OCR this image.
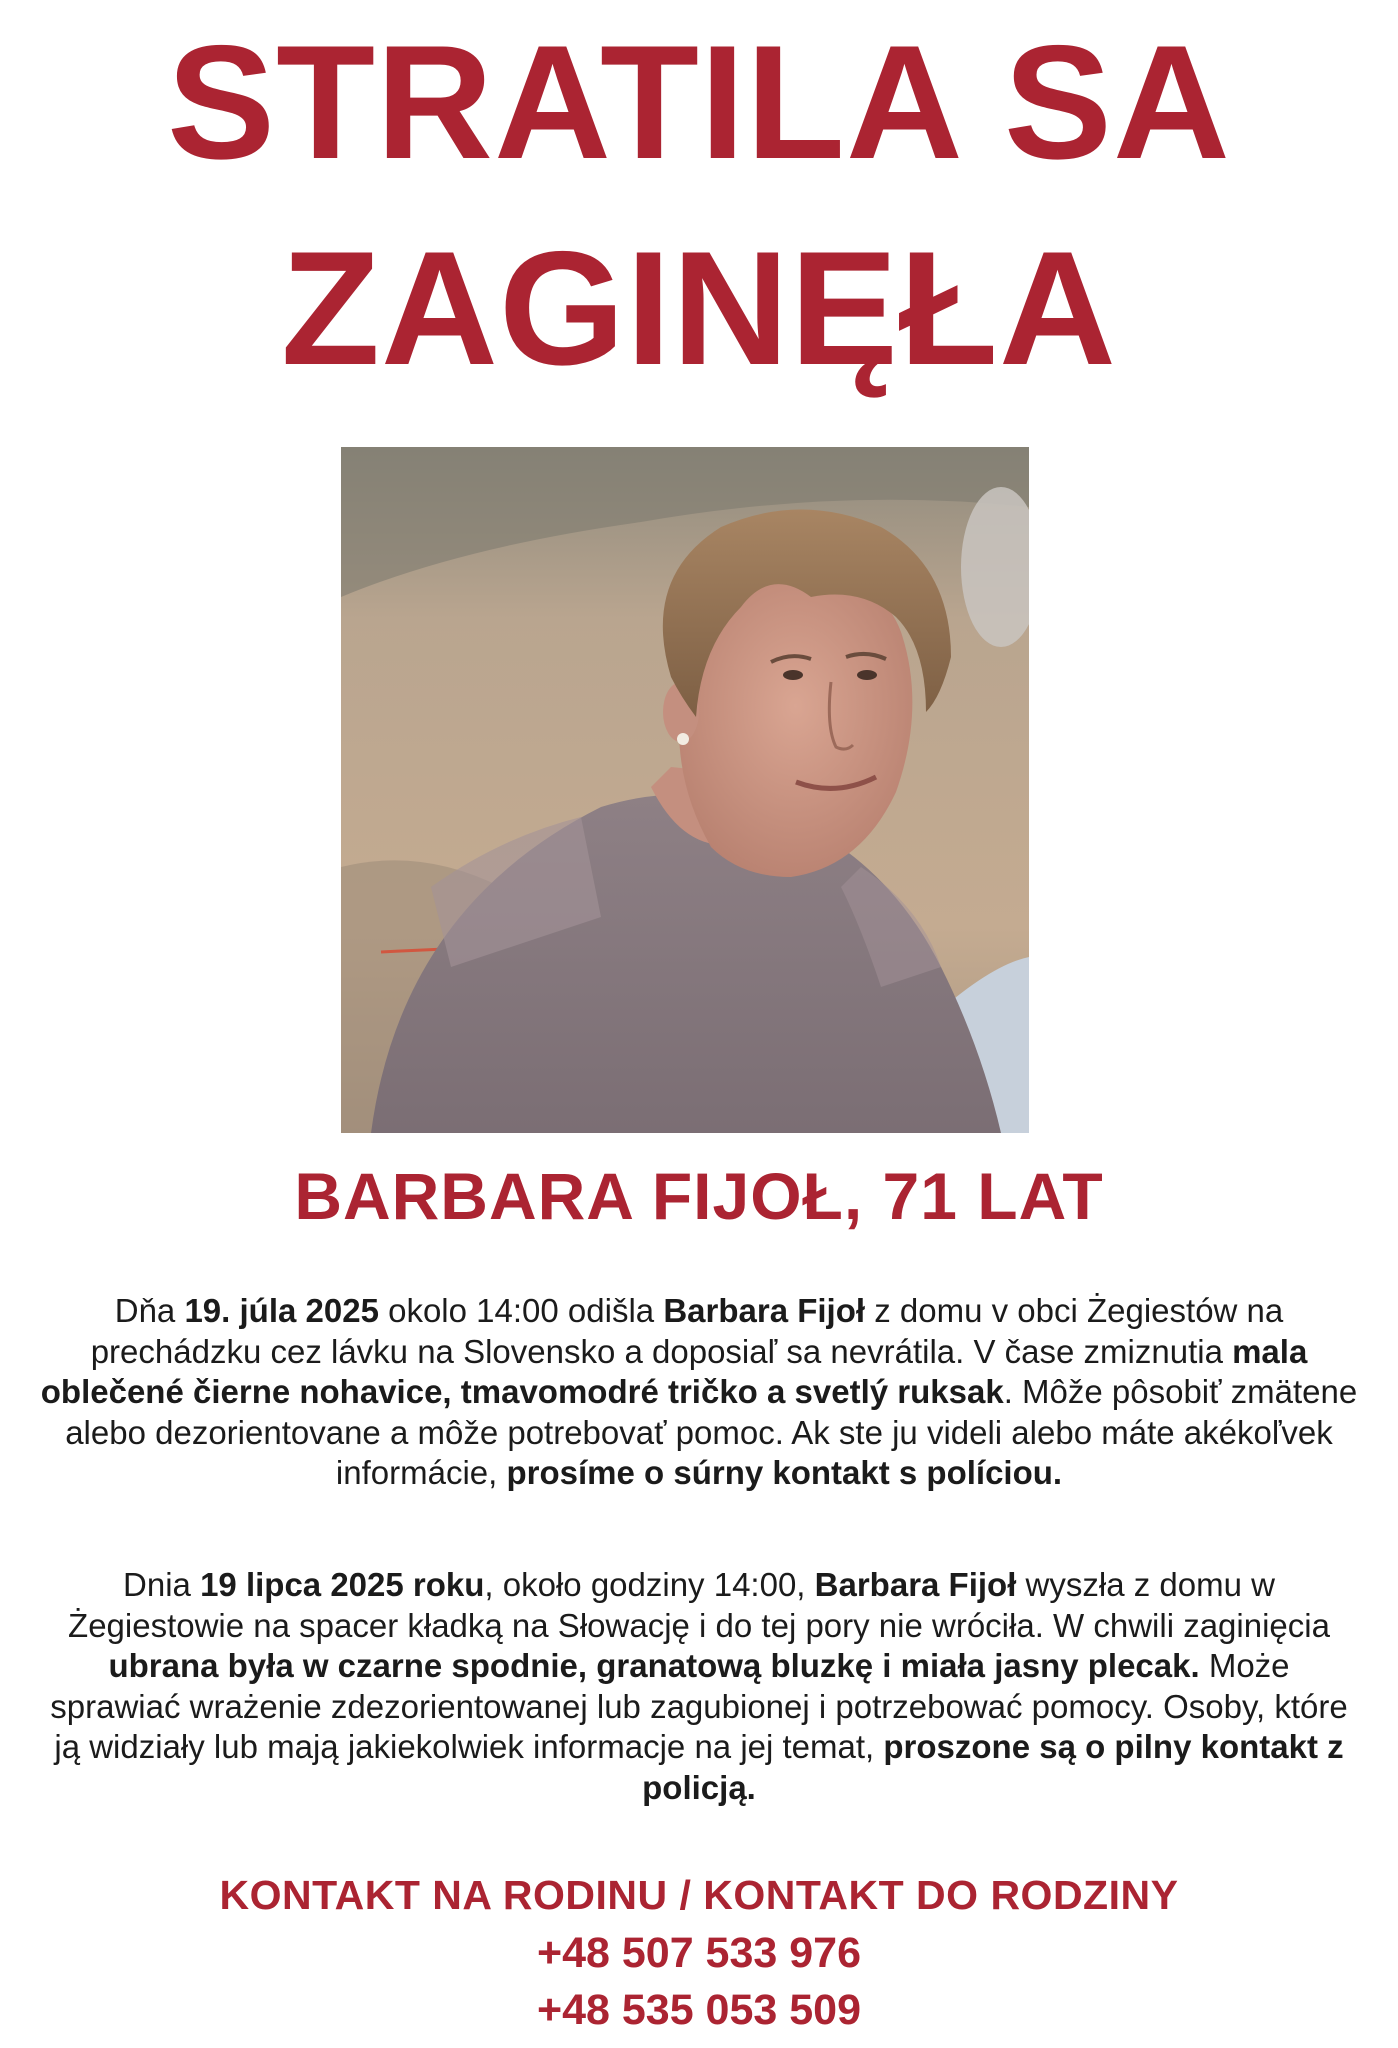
STRATILA SA
ZAGINĘŁA
BARBARA FIJOŁ, 71 LAT

Dňa 19. júla 2025 okolo 14:00 odišla Barbara Fijoł z domu v obci Żegiestów na prechádzku cez lávku na Slovensko a doposiaľ sa nevrátila. V čase zmiznutia mala oblečené čierne nohavice, tmavomodré tričko a svetlý ruksak. Môže pôsobiť zmätene alebo dezorientovane a môže potrebovať pomoc. Ak ste ju videli alebo máte akékoľvek informácie, prosíme o súrny kontakt s políciou.

Dnia 19 lipca 2025 roku, około godziny 14:00, Barbara Fijoł wyszła z domu w Żegiestowie na spacer kładką na Słowację i do tej pory nie wróciła. W chwili zaginięcia ubrana była w czarne spodnie, granatową bluzkę i miała jasny plecak. Może sprawiać wrażenie zdezorientowanej lub zagubionej i potrzebować pomocy. Osoby, które ją widziały lub mają jakiekolwiek informacje na jej temat, proszone są o pilny kontakt z policją.

KONTAKT NA RODINU / KONTAKT DO RODZINY
+48 507 533 976
+48 535 053 509
